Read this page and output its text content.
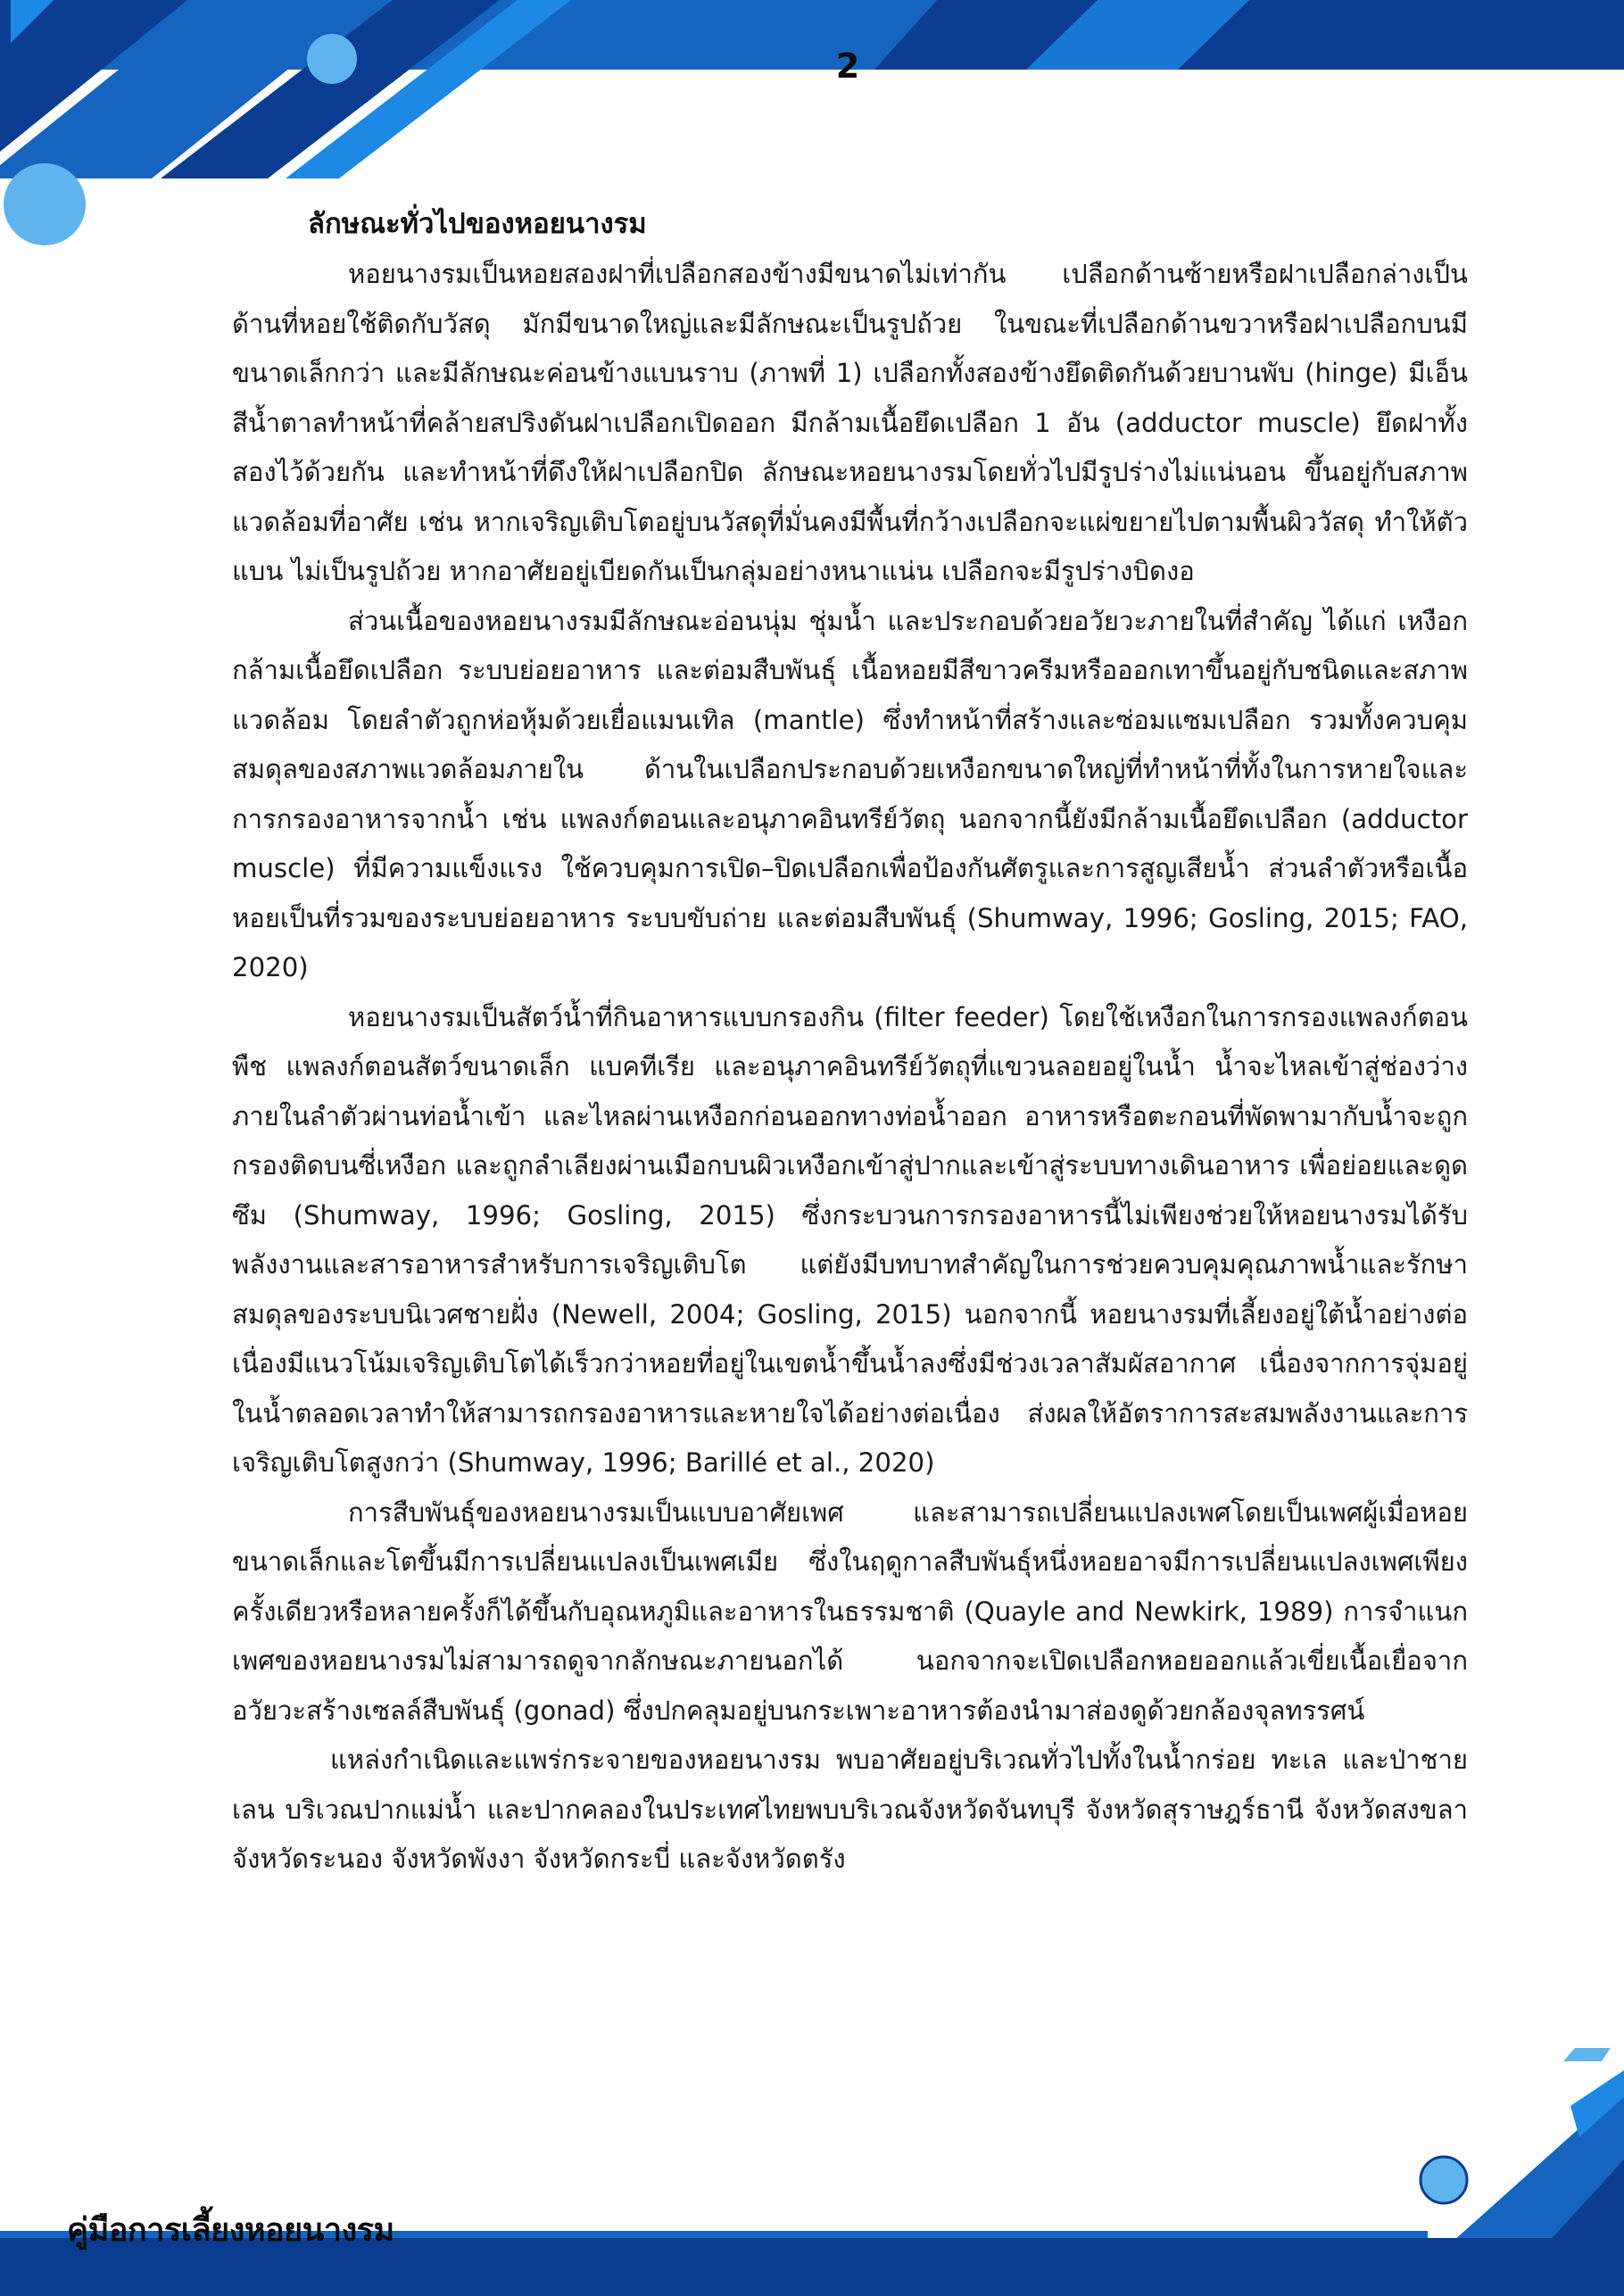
2
ลักษณะทั่วไปของหอยนางรม

หอยนางรมเป็นหอยสองฝาที่เปลือกสองข้างมีขนาดไม่เท่ากัน เปลือกด้านซ้ายหรือฝาเปลือกล่างเป็นด้านที่หอยใช้ติดกับวัสดุ มักมีขนาดใหญ่และมีลักษณะเป็นรูปถ้วย ในขณะที่เปลือกด้านขวาหรือฝาเปลือกบนมีขนาดเล็กกว่า และมีลักษณะค่อนข้างแบนราบ (ภาพที่ 1) เปลือกทั้งสองข้างยึดติดกันด้วยบานพับ (hinge) มีเอ็นสีน้ำตาลทำหน้าที่คล้ายสปริงดันฝาเปลือกเปิดออก มีกล้ามเนื้อยึดเปลือก 1 อัน (adductor muscle) ยึดฝาทั้งสองไว้ด้วยกัน และทำหน้าที่ดึงให้ฝาเปลือกปิด ลักษณะหอยนางรมโดยทั่วไปมีรูปร่างไม่แน่นอน ขึ้นอยู่กับสภาพแวดล้อมที่อาศัย เช่น หากเจริญเติบโตอยู่บนวัสดุที่มั่นคงมีพื้นที่กว้างเปลือกจะแผ่ขยายไปตามพื้นผิววัสดุ ทำให้ตัวแบน ไม่เป็นรูปถ้วย หากอาศัยอยู่เบียดกันเป็นกลุ่มอย่างหนาแน่น เปลือกจะมีรูปร่างบิดงอ

ส่วนเนื้อของหอยนางรมมีลักษณะอ่อนนุ่ม ชุ่มน้ำ และประกอบด้วยอวัยวะภายในที่สำคัญ ได้แก่ เหงือก กล้ามเนื้อยึดเปลือก ระบบย่อยอาหาร และต่อมสืบพันธุ์ เนื้อหอยมีสีขาวครีมหรือออกเทาขึ้นอยู่กับชนิดและสภาพแวดล้อม โดยลำตัวถูกห่อหุ้มด้วยเยื่อแมนเทิล (mantle) ซึ่งทำหน้าที่สร้างและซ่อมแซมเปลือก รวมทั้งควบคุมสมดุลของสภาพแวดล้อมภายใน ด้านในเปลือกประกอบด้วยเหงือกขนาดใหญ่ที่ทำหน้าที่ทั้งในการหายใจและการกรองอาหารจากน้ำ เช่น แพลงก์ตอนและอนุภาคอินทรีย์วัตถุ นอกจากนี้ยังมีกล้ามเนื้อยึดเปลือก (adductor muscle) ที่มีความแข็งแรง ใช้ควบคุมการเปิด–ปิดเปลือกเพื่อป้องกันศัตรูและการสูญเสียน้ำ ส่วนลำตัวหรือเนื้อหอยเป็นที่รวมของระบบย่อยอาหาร ระบบขับถ่าย และต่อมสืบพันธุ์ (Shumway, 1996; Gosling, 2015; FAO, 2020)

หอยนางรมเป็นสัตว์น้ำที่กินอาหารแบบกรองกิน (filter feeder) โดยใช้เหงือกในการกรองแพลงก์ตอนพืช แพลงก์ตอนสัตว์ขนาดเล็ก แบคทีเรีย และอนุภาคอินทรีย์วัตถุที่แขวนลอยอยู่ในน้ำ น้ำจะไหลเข้าสู่ช่องว่างภายในลำตัวผ่านท่อน้ำเข้า และไหลผ่านเหงือกก่อนออกทางท่อน้ำออก อาหารหรือตะกอนที่พัดพามากับน้ำจะถูกกรองติดบนซี่เหงือก และถูกลำเลียงผ่านเมือกบนผิวเหงือกเข้าสู่ปากและเข้าสู่ระบบทางเดินอาหาร เพื่อย่อยและดูดซึม (Shumway, 1996; Gosling, 2015) ซึ่งกระบวนการกรองอาหารนี้ไม่เพียงช่วยให้หอยนางรมได้รับพลังงานและสารอาหารสำหรับการเจริญเติบโต แต่ยังมีบทบาทสำคัญในการช่วยควบคุมคุณภาพน้ำและรักษาสมดุลของระบบนิเวศชายฝั่ง (Newell, 2004; Gosling, 2015) นอกจากนี้ หอยนางรมที่เลี้ยงอยู่ใต้น้ำอย่างต่อเนื่องมีแนวโน้มเจริญเติบโตได้เร็วกว่าหอยที่อยู่ในเขตน้ำขึ้นน้ำลงซึ่งมีช่วงเวลาสัมผัสอากาศ เนื่องจากการจุ่มอยู่ในน้ำตลอดเวลาทำให้สามารถกรองอาหารและหายใจได้อย่างต่อเนื่อง ส่งผลให้อัตราการสะสมพลังงานและการเจริญเติบโตสูงกว่า (Shumway, 1996; Barillé et al., 2020)

การสืบพันธุ์ของหอยนางรมเป็นแบบอาศัยเพศ และสามารถเปลี่ยนแปลงเพศโดยเป็นเพศผู้เมื่อหอยขนาดเล็กและโตขึ้นมีการเปลี่ยนแปลงเป็นเพศเมีย ซึ่งในฤดูกาลสืบพันธุ์หนึ่งหอยอาจมีการเปลี่ยนแปลงเพศเพียงครั้งเดียวหรือหลายครั้งก็ได้ขึ้นกับอุณหภูมิและอาหารในธรรมชาติ (Quayle and Newkirk, 1989) การจำแนกเพศของหอยนางรมไม่สามารถดูจากลักษณะภายนอกได้ นอกจากจะเปิดเปลือกหอยออกแล้วเขี่ยเนื้อเยื่อจากอวัยวะสร้างเซลล์สืบพันธุ์ (gonad) ซึ่งปกคลุมอยู่บนกระเพาะอาหารต้องนำมาส่องดูด้วยกล้องจุลทรรศน์

แหล่งกำเนิดและแพร่กระจายของหอยนางรม พบอาศัยอยู่บริเวณทั่วไปทั้งในน้ำกร่อย ทะเล และป่าชายเลน บริเวณปากแม่น้ำ และปากคลองในประเทศไทยพบบริเวณจังหวัดจันทบุรี จังหวัดสุราษฎร์ธานี จังหวัดสงขลา จังหวัดระนอง จังหวัดพังงา จังหวัดกระบี่ และจังหวัดตรัง

คู่มือการเลี้ยงหอยนางรม
